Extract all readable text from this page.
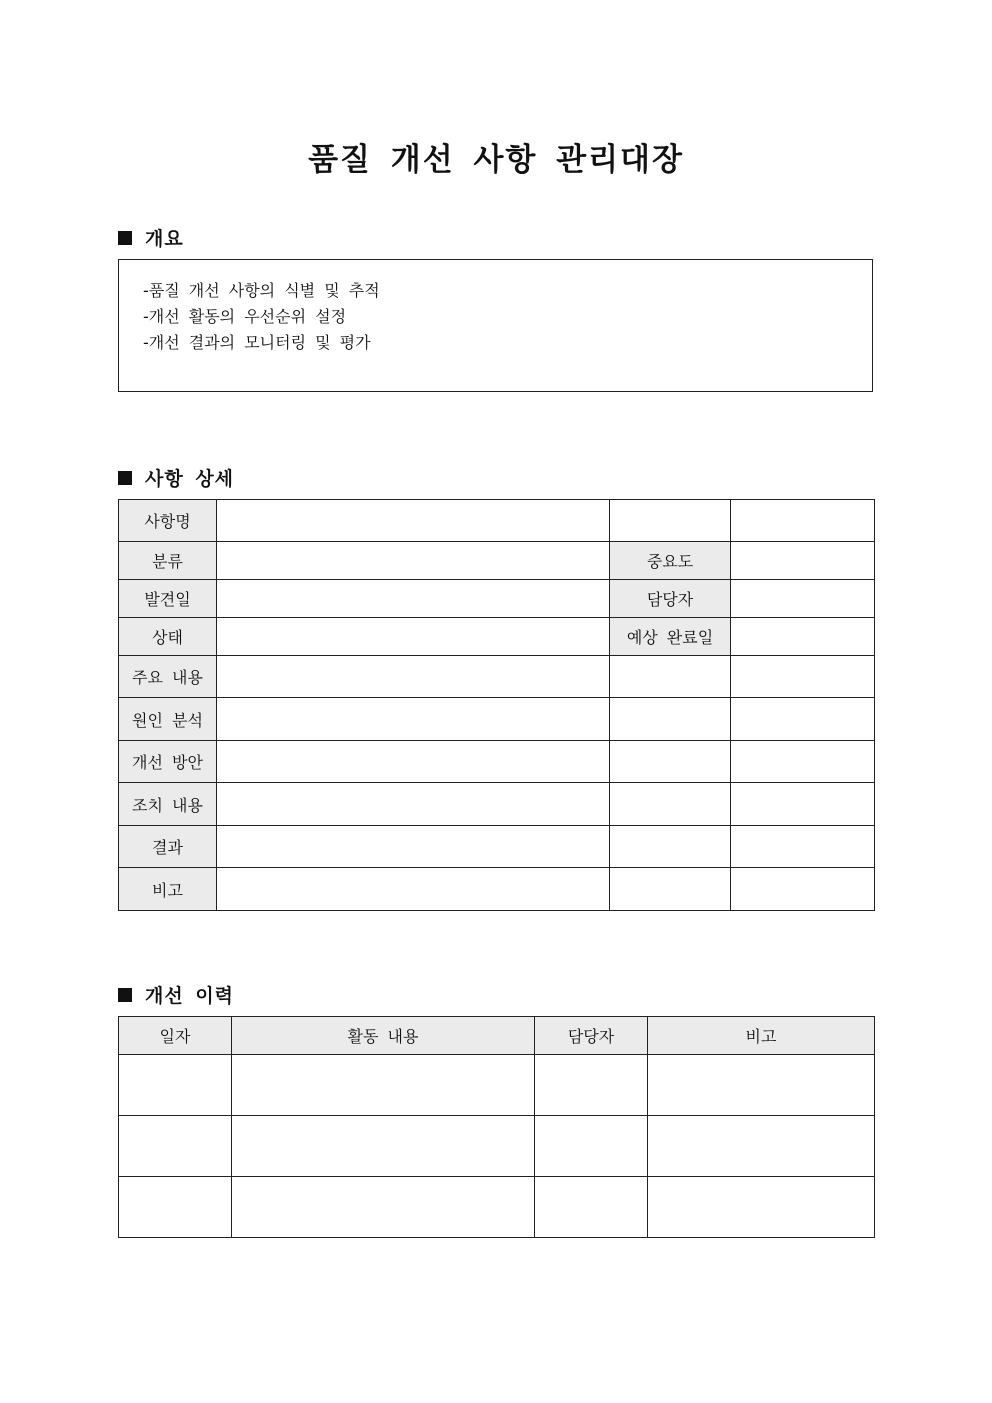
품질 개선 사항 관리대장
개요
-품질 개선 사항의 식별 및 추적
-개선 활동의 우선순위 설정
-개선 결과의 모니터링 및 평가
사항 상세
사항명			
분류		중요도	
발견일		담당자	
상태		예상 완료일	
주요 내용			
원인 분석			
개선 방안			
조치 내용			
결과			
비고			
개선 이력
일자	활동 내용	담당자	비고
